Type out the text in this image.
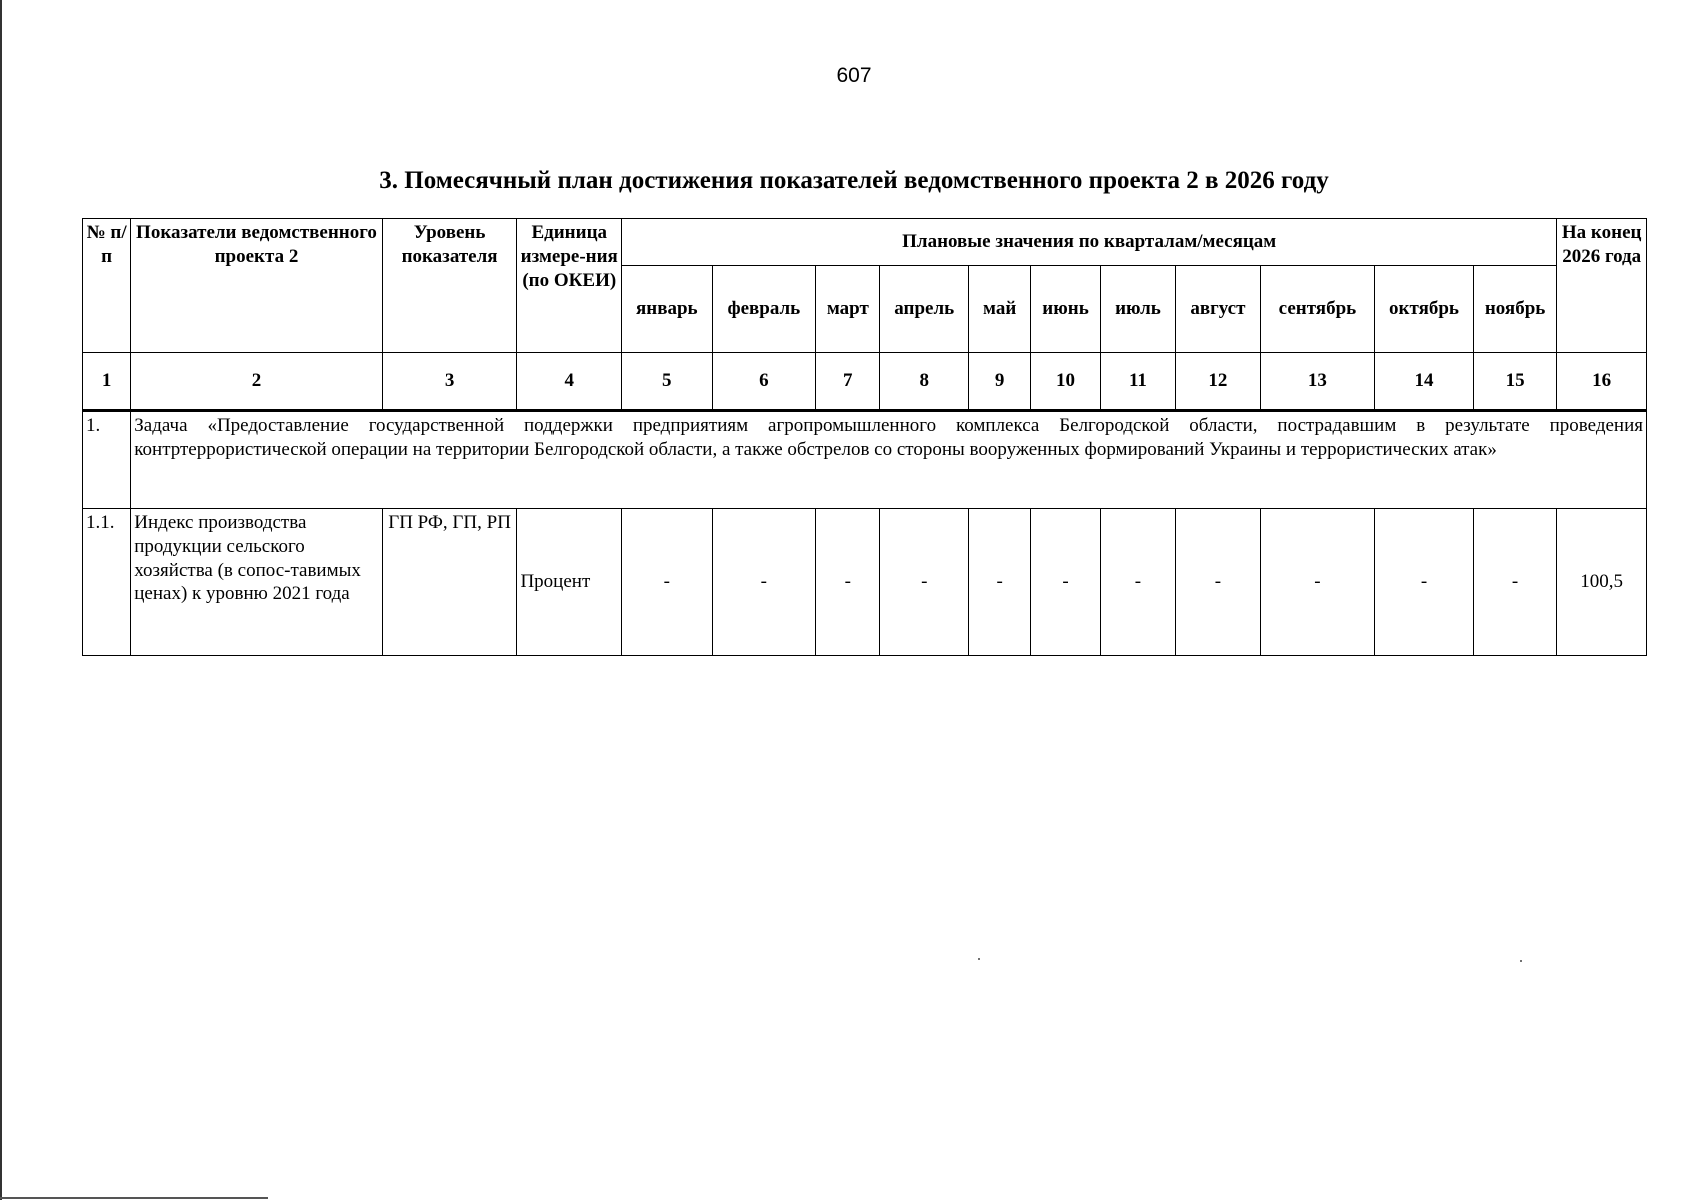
607
3. Помесячный план достижения показателей ведомственного проекта 2 в 2026 году
№ п/п	Показатели ведомственного проекта 2	Уровень показателя	Единица измере-ния (по ОКЕИ)	Плановые значения по кварталам/месяцам											На конец 2026 года
				январь	февраль	март	апрель	май	июнь	июль	август	сентябрь	октябрь	ноябрь	
1	2	3	4	5	6	7	8	9	10	11	12	13	14	15	16
1.	Задача «Предоставление государственной поддержки предприятиям агропромышленного комплекса Белгородской области, пострадавшим в результате проведения контртеррористической операции на территории Белгородской области, а также обстрелов со стороны вооруженных формирований Украины и террористических атак»														
1.1.	Индекс производства продукции сельского хозяйства (в сопос-тавимых ценах) к уровню 2021 года	ГП РФ, ГП, РП	Процент	-	-	-	-	-	-	-	-	-	-	-	100,5
